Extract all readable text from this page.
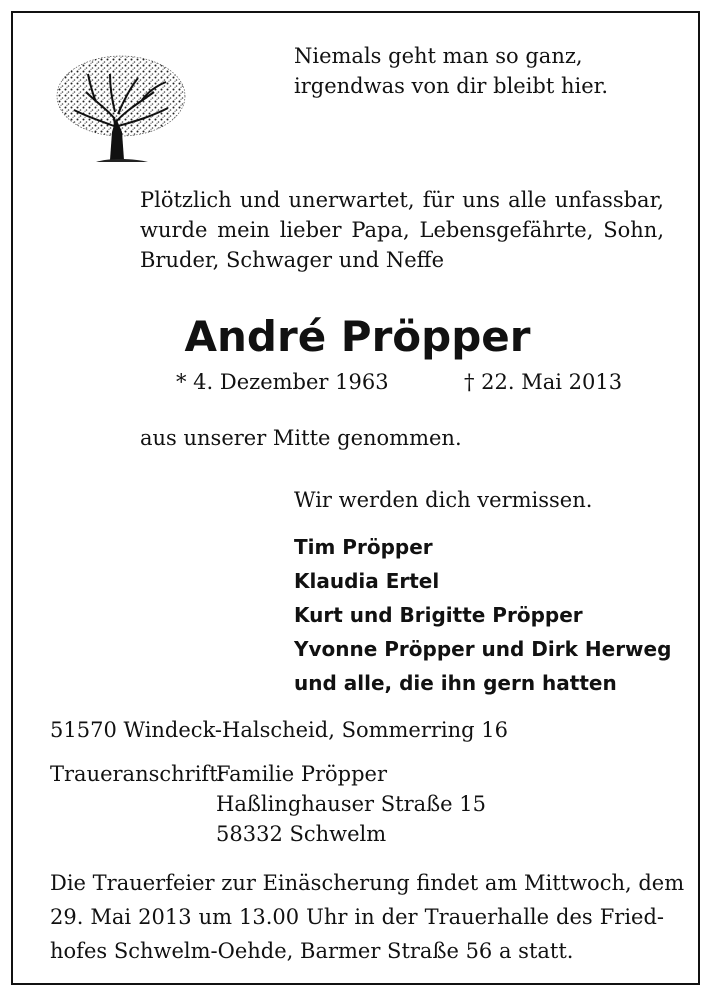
Niemals geht man so ganz,
irgendwas von dir bleibt hier.
Plötzlich und unerwartet, für uns alle unfassbar,
wurde mein lieber Papa, Lebensgefährte, Sohn,
Bruder, Schwager und Neffe
André Pröpper
* 4. Dezember 1963	† 22. Mai 2013
aus unserer Mitte genommen.
Wir werden dich vermissen.
Tim Pröpper
Klaudia Ertel
Kurt und Brigitte Pröpper
Yvonne Pröpper und Dirk Herweg
und alle, die ihn gern hatten
51570 Windeck-Halscheid, Sommerring 16
Traueranschrift:
Familie Pröpper
Haßlinghauser Straße 15
58332 Schwelm
Die Trauerfeier zur Einäscherung findet am Mittwoch, dem
29. Mai 2013 um 13.00 Uhr in der Trauerhalle des Fried-
hofes Schwelm-Oehde, Barmer Straße 56 a statt.
